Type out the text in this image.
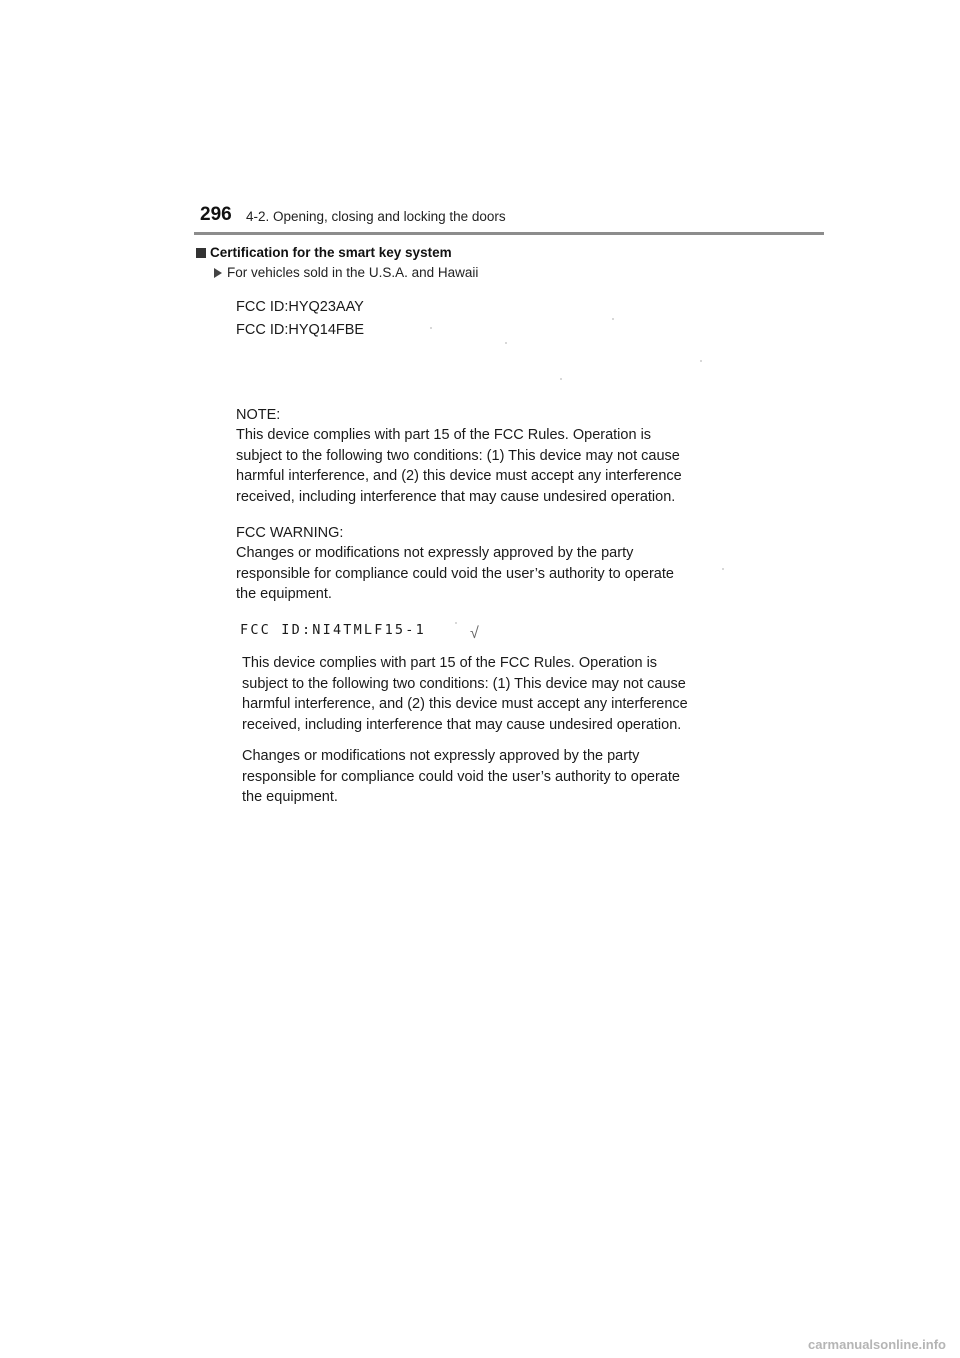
296 4-2. Opening, closing and locking the doors
Certification for the smart key system
For vehicles sold in the U.S.A. and Hawaii
FCC ID:HYQ23AAY
FCC ID:HYQ14FBE
NOTE:
This device complies with part 15 of the FCC Rules. Operation is
subject to the following two conditions: (1) This device may not cause
harmful interference, and (2) this device must accept any interference
received, including interference that may cause undesired operation.
FCC WARNING:
Changes or modifications not expressly approved by the party
responsible for compliance could void the user’s authority to operate
the equipment.
FCC ID:NI4TMLF15-1	√
This device complies with part 15 of the FCC Rules. Operation is
subject to the following two conditions: (1) This device may not cause
harmful interference, and (2) this device must accept any interference
received, including interference that may cause undesired operation.
Changes or modifications not expressly approved by the party
responsible for compliance could void the user’s authority to operate
the equipment.
carmanualsonline.info
